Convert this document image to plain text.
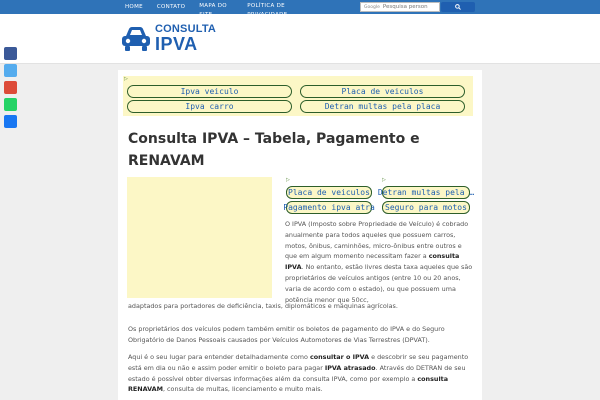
HOME	CONTATO	MAPA DO	POLÍTICA DE	Google Pesquisa person
CONSULTA
IPVA
▷
Ipva veiculo	Placa de veiculos
Ipva carro	Detran multas pela placa
Consulta IPVA – Tabela, Pagamento e RENAVAM
▷
Placa de veiculos
Pagamento ipva atra
▷
Detran multas pela …
Seguro para motos

O IPVA (Imposto sobre Propriedade de Veículo) é cobrado anualmente para todos aqueles que possuem carros, motos, ônibus, caminhões, micro-ônibus entre outros e que em algum momento necessitam fazer a consulta IPVA. No entanto, estão livres desta taxa aqueles que são proprietários de veículos antigos (entre 10 ou 20 anos, varia de acordo com o estado), ou que possuem uma potência menor que 50cc,

adaptados para portadores de deficiência, taxis, diplomáticos e máquinas agrícolas.

Os proprietários dos veículos podem também emitir os boletos de pagamento do IPVA e do Seguro Obrigatório de Danos Pessoais causados por Veículos Automotores de Vias Terrestres (DPVAT).

Aqui é o seu lugar para entender detalhadamente como consultar o IPVA e descobrir se seu pagamento está em dia ou não e assim poder emitir o boleto para pagar IPVA atrasado. Através do DETRAN de seu estado é possível obter diversas informações além da consulta IPVA, como por exemplo a consulta RENAVAM, consulta de multas, licenciamento e muito mais.
